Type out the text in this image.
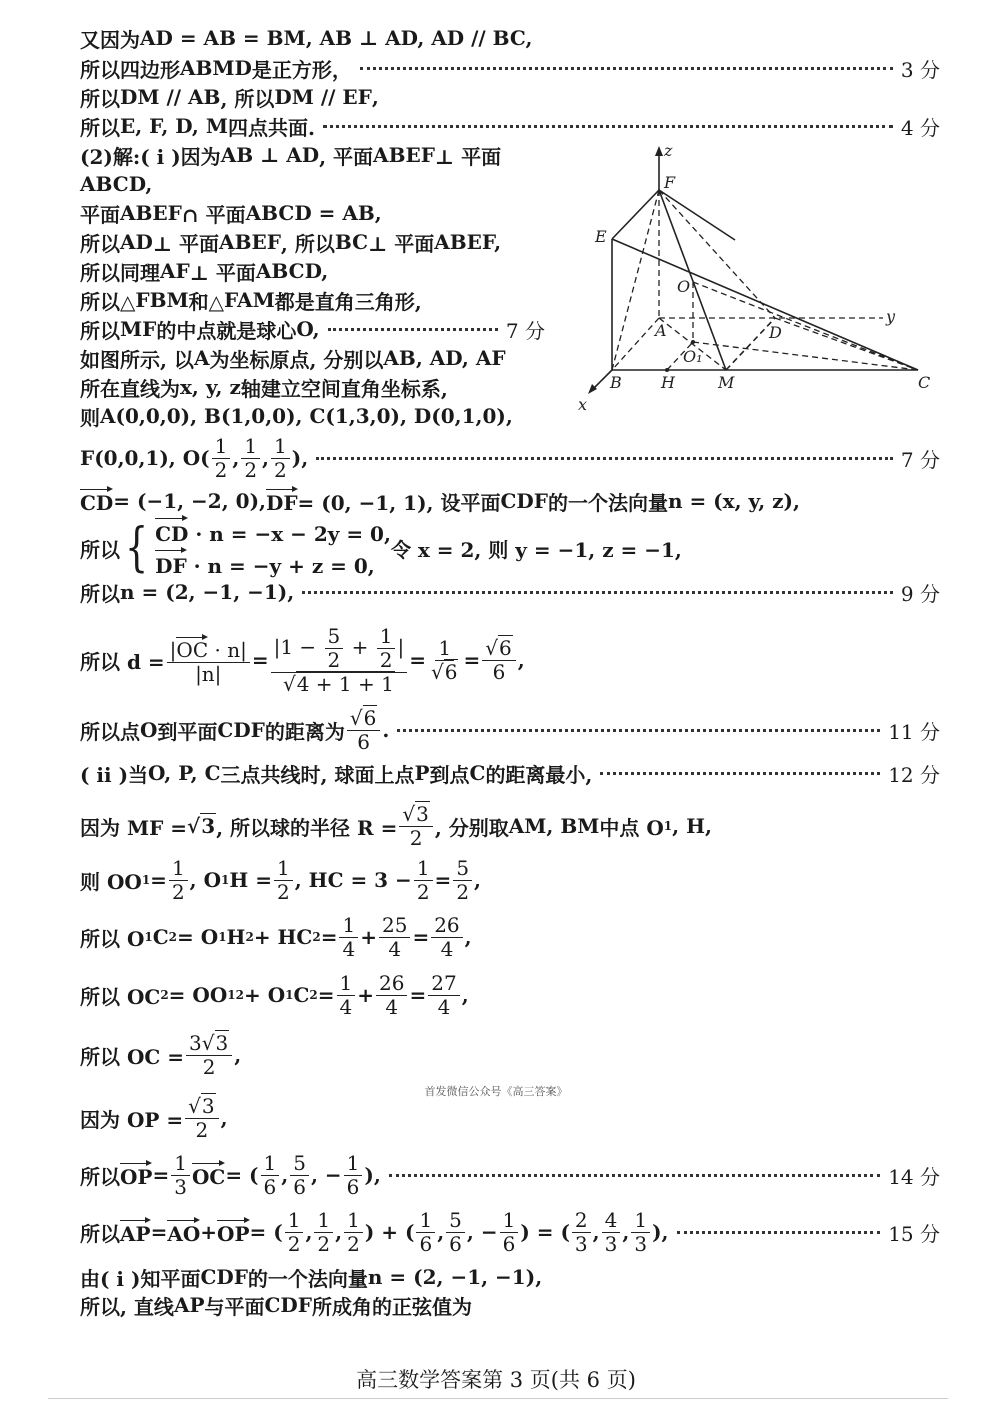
又因为 AD = AB = BM, AB ⊥ AD, AD // BC,
所以四边形 ABMD 是正方形，	3 分
所以 DM // AB , 所以 DM // EF ,
所以 E, F, D, M 四点共面.	4 分
(2)解:( ⅰ )因为 AB ⊥ AD , 平面 ABEF ⊥ 平面
ABCD,
平面 ABEF ∩ 平面 ABCD = AB,
所以 AD ⊥ 平面 ABEF , 所以 BC ⊥ 平面 ABEF,
所以同理 AF ⊥ 平面 ABCD,
所以△ FBM 和△ FAM 都是直角三角形,
所以 MF 的中点就是球心 O,	7 分
如图所示, 以 A 为坐标原点, 分别以 AB, AD, AF
所在直线为 x, y, z 轴建立空间直角坐标系,
则 A(0,0,0), B(1,0,0), C(1,3,0), D(0,1,0),
F(0,0,1), $O( \frac{1}{2}$ , $\frac{1}{2}$ , $\frac{1}{2}$ ),	7 分
CD = (−1, −2, 0), DF = (0, −1, 1), 设平面 CDF 的一个法向量 n = (x, y, z),
所以 { CD · n = −x − 2y = 0,
DF · n = −y + z = 0,
令 x = 2, 则 y = −1, z = −1,
所以 n = (2, −1, −1),	9 分
所以 $d = \frac{|OC \cdot n|}{|n|} = \frac{|1 - \frac{5}{2} + \frac{1}{2} |}{√4 + 1 + 1} = \frac{1}{√6} = \frac{√6}{6}$ ,
所以点 O 到平面 CDF 的距离为 $\frac{√6}{6}$ .	11 分
( ⅱ )当 O, P, C 三点共线时, 球面上点 P 到点 C 的距离最小,	12 分
因为 MF = √3 , 所以球的半径 $R = \frac{√3}{2}$ , 分别取 AM, BM 中点 O 1 , H,
则 OO $1 = \frac{1}{2}$ , O 1 $H = \frac{1}{2}$ , HC = $3 - \frac{1}{2} = \frac{5}{2}$ ,
所以 O 1 C 2 = O 1 H 2 + HC $2 = \frac{1}{4} + \frac{25}{4} = \frac{26}{4}$ ,
所以 OC 2 = OO 1 2 + O 1 C $2 = \frac{1}{4} + \frac{26}{4} = \frac{27}{4}$ ,
所以 OC = $\frac{3√3}{2}$ ,
因为 OP = $\frac{√3}{2}$ ,
所以 OP = $\frac{1}{3}$ OC = ( $\frac{1}{6}$ , $\frac{5}{6}$ , − $\frac{1}{6}$ ),	14 分
所以 AP = AO + OP = ( $\frac{1}{2}$ , $\frac{1}{2}$ , $\frac{1}{2}$ ) + ( $\frac{1}{6}$ , $\frac{5}{6}$ , − $\frac{1}{6}$ ) = ( $\frac{2}{3}$ , $\frac{4}{3}$ , $\frac{1}{3}$ ),	15 分
由( ⅰ )知平面 CDF 的一个法向量 n = (2, −1, −1),
所以, 直线 AP 与平面 CDF 所成角的正弦值为
z
F
E
O
A	D
O₁
B H	M	C
x
y
首发微信公众号《高三答案》
高三数学答案第 3 页(共 6 页)
